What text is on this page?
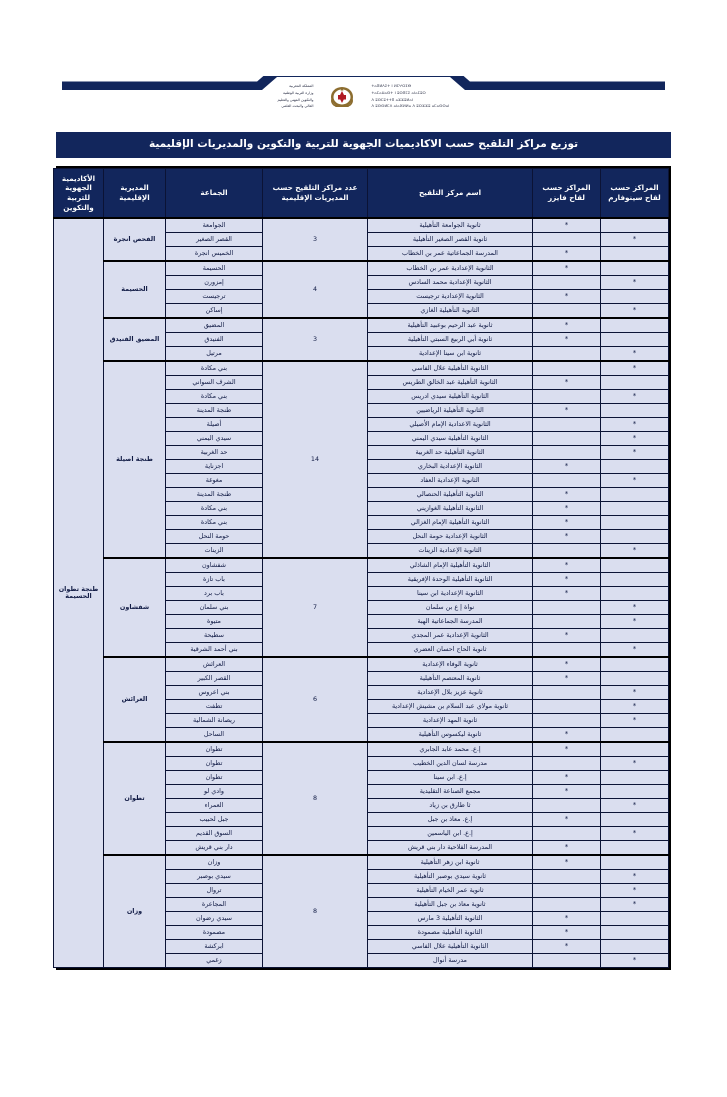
المملكة المغربية
وزارة التربية الوطنية
والتكوين المهني والتعليم
العالي والبحث العلمي
ⵜⴰⴳⵍⴷⵉⵜ ⵏ ⵍⵎⵖⵔⵉⴱ
ⵜⴰⵎⴰⵡⴰⵙⵜ ⵏ ⵓⵙⴳⵎⵉ ⴰⵏⴰⵎⵓⵔ
ⴷ ⵓⵙⵎⵓⵜⵜⴳ ⴰⵣⵣⵓⵍⴰⵏ
ⴷ ⵓⵙⵙⵍⵎⴷ ⴰⵏⴰⴼⵍⵍⴰ ⴷ ⵓⵔⵣⵣⵓ ⴰⵎⴰⵙⵙⴰⵏ
توزيع مراكز التلقيح حسب الاكاديميات الجهوية للتربية والتكوين والمديريات الإقليمية
المراكز حسب لقاح سينوفارم	المراكز حسب لقاح فايزر	اسم مركز التلقيح	عدد مراكز التلقيح حسب المديريات الإقليمية	الجماعة	المديرية الإقليمية	الأكاديمية الجهوية للتربية والتكوين
	*	ثانوية الجوامعة التأهيلية	3	الجوامعة	الفحص انجرة	طنجة تطوان الحسيمة
*		ثانوية القصر الصغير التأهيلية		القصر الصغير		
	*	المدرسة الجماعاتية عمر بن الخطاب		الخميس انجرة		
	*	الثانوية الإعدادية عمر بن الخطاب	4	الحسيمة	الحسيمة	
*		الثانوية الإعدادية محمد السادس		إمزورن		
	*	الثانوية الإعدادية ترجيست		ترجيست		
*		الثانوية التأهيلية الغازي		إساكن		
	*	ثانوية عبد الرحيم بوعبيد التأهيلية	3	المضيق	المضيق الفنيدق	
	*	ثانوية أبي الربيع السبتي التأهيلية		الفنيدق		
*		ثانوية ابن سينا الإعدادية		مرتيل		
*		الثانوية التأهيلية علال الفاسي	14	بني مكادة	طنجة اصيلة	
	*	الثانوية التأهيلية عبد الخالق الطريس		الشرف السواني		
*		الثانوية التأهيلية سيدي ادريس		بني مكادة		
	*	الثانوية التأهيلية الرياضيين		طنجة المدينة		
*		الثانوية الاعدادية الإمام الأصيلي		أصيلة		
*		الثانوية التأهيلية سيدي اليمني		سيدي اليمني		
*		الثانوية التأهيلية حد الغربية		حد الغربية		
	*	الثانوية الإعدادية البخاري		اجزناية		
*		الثانوية الإعدادية العفاد		مغوغة		
	*	الثانوية التأهيلية الحنصالي		طنجة المدينة		
	*	الثانوية التأهيلية الغوازيني		بني مكادة		
	*	الثانوية التأهيلية الإمام الغزالي		بني مكادة		
	*	الثانوية الإعدادية حومة النحل		حومة النحل		
*		الثانوية الإعدادية الزينات		الزينات		
	*	الثانوية التأهيلية الإمام الشاذلي	7	شفشاون	شفشاون	
	*	الثانوية التأهيلية الوحدة الإفريقية		باب تازة		
	*	الثانوية الإعدادية ابن سينا		باب برد		
*		نواة إ ع بن سلمان		بني سلمان		
*		المدرسة الجماعاتية الهبة		متيوة		
	*	الثانوية الإعدادية عمر المجدي		سطيحة		
*		ثانوية الحاج احسان العضري		بني أحمد الشرقية		
	*	ثانوية الوفاء الإعدادية	6	العرائش	العرائش	
	*	ثانوية المعتصم التأهيلية		القصر الكبير		
*		ثانوية عزيز بلال الإعدادية		بني اعروس		
*		ثانوية مولاي عبد السلام بن مشيش الإعدادية		تطفت		
*		ثانوية المهد الإعدادية		ريصانة الشمالية		
	*	ثانوية ليكسوس التأهيلية		الساحل		
	*	إ.ع. محمد عابد الجابري	8	تطوان	تطوان	
*		مدرسة لسان الدين الخطيب		تطوان		
	*	إ.ع. ابن سينا		تطوان		
	*	مجمع الصناعة التقليدية		وادي لو		
*		ثا طارق بن زياد		العمراء		
	*	إ.ع. معاذ بن جبل		جبل لحبيب		
*		إ.ع. ابن الياسمين		السوق القديم		
	*	المدرسة الفلاحية دار بني قريش		دار بني قريش		
	*	ثانوية ابن زهر التأهيلية	8	وزان	وزان	
*		ثانوية سيدي بوصبر التأهيلية		سيدي بوصبر		
*		ثانوية عمر الخيام التأهيلية		تروال		
*		ثانوية معاذ بن جبل التأهيلية		المجاعرة		
	*	الثانوية التأهيلية 3 مارس		سيدي رضوان		
	*	الثانوية التأهيلية مصمودة		مصمودة		
	*	الثانوية التأهيلية علال الفاسي		ابركشة		
*		مدرسة أنوال		زغمي		
